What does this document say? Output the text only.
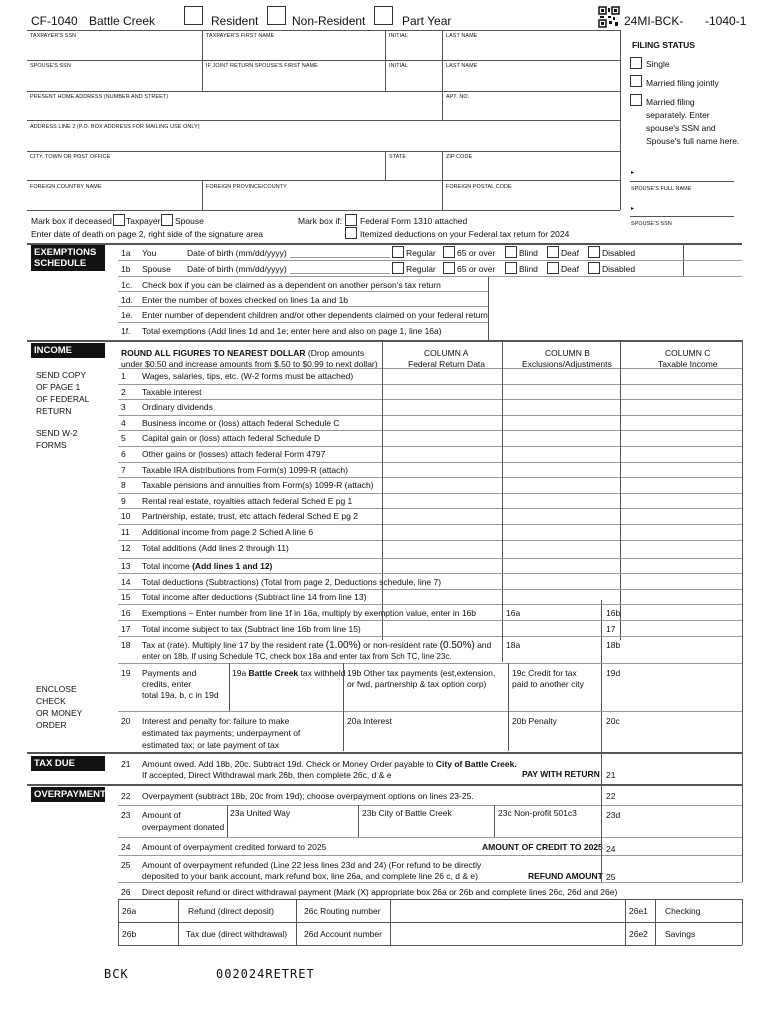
CF-1040 Battle Creek	Resident	Non-Resident	Part Year	24MI-BCK- -1040-1
TAXPAYER'S SSN	TAXPAYER'S FIRST NAME	INITIAL	LAST NAME
SPOUSE'S SSN	IF JOINT RETURN SPOUSE'S FIRST NAME	INITIAL	LAST NAME
PRESENT HOME ADDRESS (NUMBER AND STREET)	APT. NO.
ADDRESS LINE 2 (P.O. BOX ADDRESS FOR MAILING USE ONLY)
CITY, TOWN OR POST OFFICE	STATE	ZIP CODE
FOREIGN COUNTRY NAME	FOREIGN PROVINCE/COUNTY	FOREIGN POSTAL CODE
FILING STATUS
Single
Married filing jointly
Married filing
separately. Enter
spouse's SSN and
Spouse's full name here.
▸
SPOUSE'S FULL NAME
▸
SPOUSE'S SSN
Mark box if deceased Taxpayer Spouse
Enter date of death on page 2, right side of the signature area
Mark box if: Federal Form 1310 attached
Itemized deductions on your Federal tax return for 2024
EXEMPTIONS
SCHEDULE
1a You	Date of birth (mm/dd/yyyy)	Regular 65 or over	Blind	Deaf	Disabled
1b Spouse Date of birth (mm/dd/yyyy)	Regular 65 or over	Blind	Deaf	Disabled
1c. Check box if you can be claimed as a dependent on another person's tax return
1d. Enter the number of boxes checked on lines 1a and 1b
1e. Enter number of dependent children and/or other dependents claimed on your federal return
1f. Total exemptions (Add lines 1d and 1e; enter here and also on page 1, line 16a)
INCOME
SEND COPY
OF PAGE 1
OF FEDERAL
RETURN
SEND W-2
FORMS
ROUND ALL FIGURES TO NEAREST DOLLAR (Drop amounts
under $0.50 and increase amounts from $.50 to $0.99 to next dollar)
COLUMN A
Federal Return Data
COLUMN B
Exclusions/Adjustments
COLUMN C
Taxable Income
1 Wages, salaries, tips, etc. (W-2 forms must be attached)
2 Taxable interest
3 Ordinary dividends
4 Business income or (loss) attach federal Schedule C
5 Capital gain or (loss) attach federal Schedule D
6 Other gains or (losses) attach federal Form 4797
7 Taxable IRA distributions from Form(s) 1099-R (attach)
8 Taxable pensions and annuities from Form(s) 1099-R (attach)
9 Rental real estate, royalties attach federal Sched E pg 1
10 Partnership, estate, trust, etc attach federal Sched E pg 2
11 Additional income from page 2 Sched A line 6
12 Total additions (Add lines 2 through 11)
13 Total income (Add lines 1 and 12)
14 Total deductions (Subtractions) (Total from page 2, Deductions schedule, line 7)
15 Total income after deductions (Subtract line 14 from line 13)
16 Exemptions – Enter number from line 1f in 16a, multiply by exemption value, enter in 16b	16a	16b
17 Total income subject to tax (Subtract line 16b from line 15)	17
18 Tax at (rate). Multiply line 17 by the resident rate (1.00%) or non-resident rate (0.50%) and
enter on 18b. If using Schedule TC, check box 18a and enter tax from Sch TC, line 23c.
18a	18b
19 Payments and
credits, enter
total 19a, b, c in 19d
19a Battle Creek tax withheld 19b Other tax payments (est,extension,
or fwd, partnership & tax option corp)
19c Credit for tax
paid to another city
19d
ENCLOSE
CHECK
OR MONEY
ORDER	20 Interest and penalty for: failure to make
estimated tax payments; underpayment of
estimated tax; or late payment of tax
20a Interest	20b Penalty	20c
TAX DUE	21 Amount owed. Add 18b, 20c. Subtract 19d. Check or Money Order payable to City of Battle Creek.
If accepted, Direct Withdrawal mark 26b, then complete 26c, d & e	PAY WITH RETURN 21
OVERPAYMENT 22 Overpayment (subtract 18b, 20c from 19d); choose overpayment options on lines 23-25.	22
23 Amount of
overpayment donated
23a United Way	23b City of Battle Creek	23c Non-profit 501c3	23d
24 Amount of overpayment credited forward to 2025	AMOUNT OF CREDIT TO 2025 24
25 Amount of overpayment refunded (Line 22 less lines 23d and 24) (For refund to be directly
deposited to your bank account, mark refund box, line 26a, and complete line 26 c, d & e)	REFUND AMOUNT 25
26 Direct deposit refund or direct withdrawal payment (Mark (X) appropriate box 26a or 26b and complete lines 26c, 26d and 26e)
26a	Refund (direct deposit)	26c Routing number	26e1 Checking
26b	Tax due (direct withdrawal) 26d Account number	26e2 Savings
BCK	002024RETRET
